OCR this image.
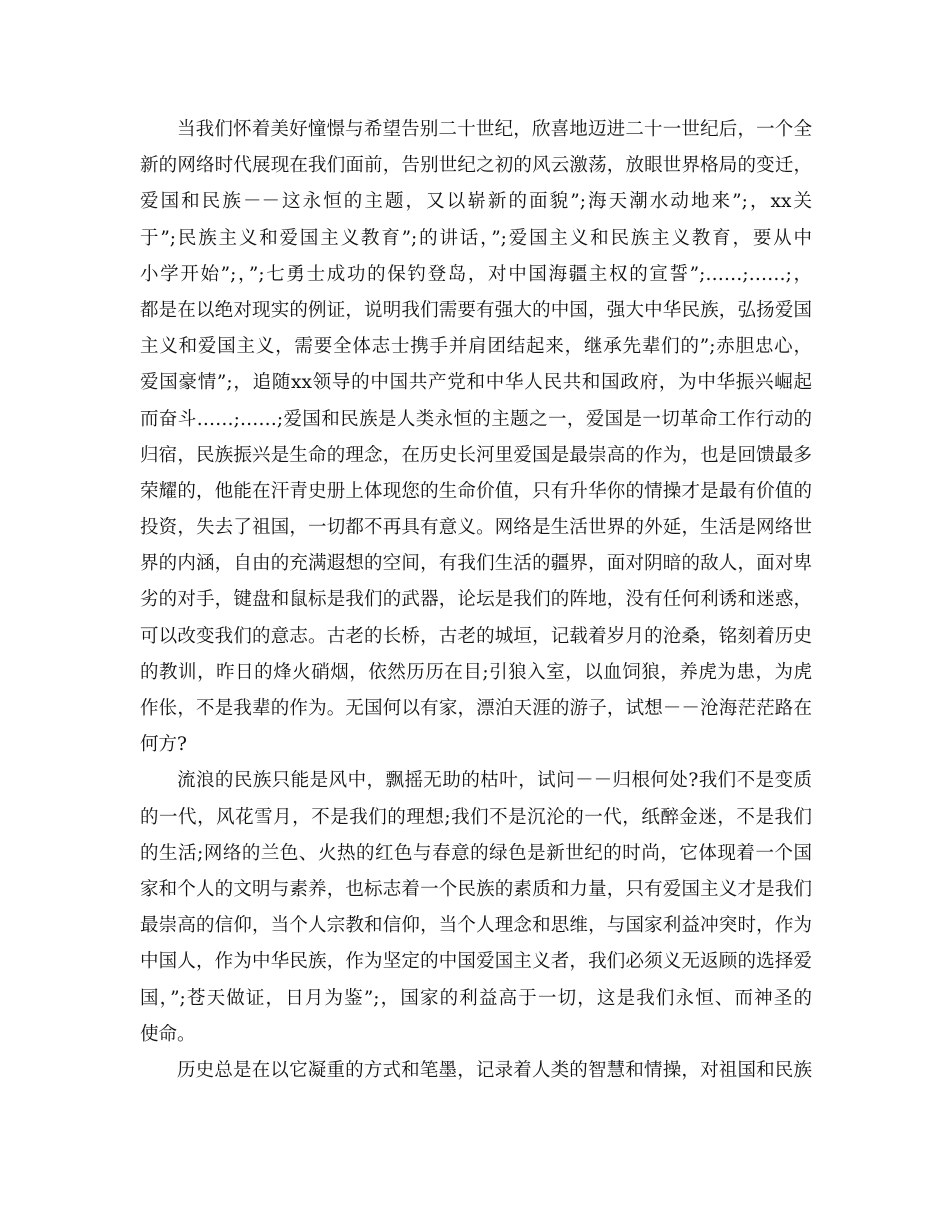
当我们怀着美好憧憬与希望告别二十世纪，欣喜地迈进二十一世纪后，一个全
新的网络时代展现在我们面前，告别世纪之初的风云激荡，放眼世界格局的变迁，
爱国和民族－－这永恒的主题，又以崭新的面貌”;海天潮水动地来”;，xx关
于”;民族主义和爱国主义教育”;的讲话，”;爱国主义和民族主义教育，要从中
小学开始”;，”;七勇士成功的保钓登岛，对中国海疆主权的宣誓”;……;……;，
都是在以绝对现实的例证，说明我们需要有强大的中国，强大中华民族，弘扬爱国
主义和爱国主义，需要全体志士携手并肩团结起来，继承先辈们的”;赤胆忠心，
爱国豪情”;，追随xx领导的中国共产党和中华人民共和国政府，为中华振兴崛起
而奋斗……;……;爱国和民族是人类永恒的主题之一，爱国是一切革命工作行动的
归宿，民族振兴是生命的理念，在历史长河里爱国是最崇高的作为，也是回馈最多
荣耀的，他能在汗青史册上体现您的生命价值，只有升华你的情操才是最有价值的
投资，失去了祖国，一切都不再具有意义。网络是生活世界的外延，生活是网络世
界的内涵，自由的充满遐想的空间，有我们生活的疆界，面对阴暗的敌人，面对卑
劣的对手，键盘和鼠标是我们的武器，论坛是我们的阵地，没有任何利诱和迷惑，
可以改变我们的意志。古老的长桥，古老的城垣，记载着岁月的沧桑，铭刻着历史
的教训，昨日的烽火硝烟，依然历历在目;引狼入室，以血饲狼，养虎为患，为虎
作伥，不是我辈的作为。无国何以有家，漂泊天涯的游子，试想－－沧海茫茫路在
何方?
流浪的民族只能是风中，飘摇无助的枯叶，试问－－归根何处?我们不是变质
的一代，风花雪月，不是我们的理想;我们不是沉沦的一代，纸醉金迷，不是我们
的生活;网络的兰色、火热的红色与春意的绿色是新世纪的时尚，它体现着一个国
家和个人的文明与素养，也标志着一个民族的素质和力量，只有爱国主义才是我们
最崇高的信仰，当个人宗教和信仰，当个人理念和思维，与国家利益冲突时，作为
中国人，作为中华民族，作为坚定的中国爱国主义者，我们必须义无返顾的选择爱
国，”;苍天做证，日月为鉴”;，国家的利益高于一切，这是我们永恒、而神圣的
使命。
历史总是在以它凝重的方式和笔墨，记录着人类的智慧和情操，对祖国和民族
